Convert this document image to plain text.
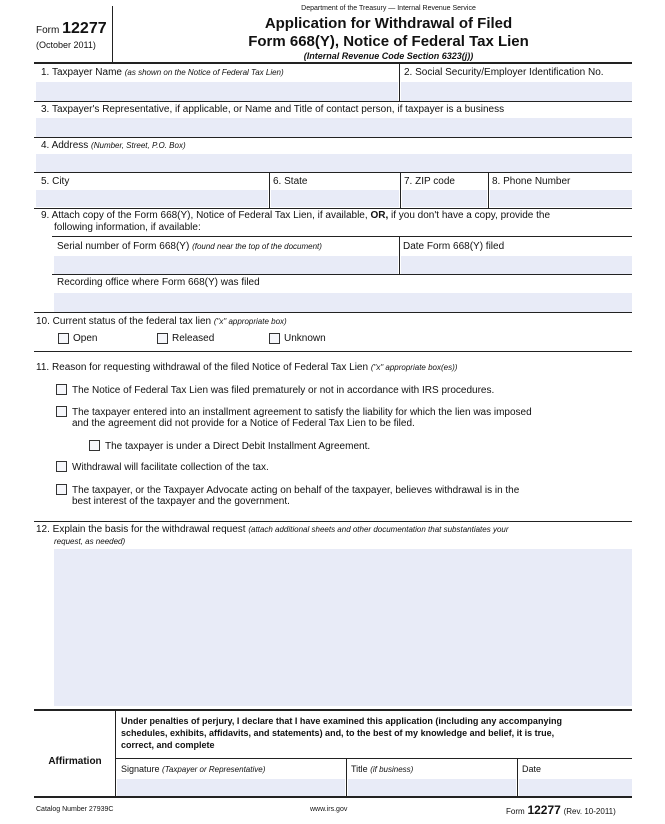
Form 12277
(October 2011)
Department of the Treasury — Internal Revenue Service
Application for Withdrawal of Filed
Form 668(Y), Notice of Federal Tax Lien
(Internal Revenue Code Section 6323(j))
1. Taxpayer Name (as shown on the Notice of Federal Tax Lien)	2. Social Security/Employer Identification No.
3. Taxpayer's Representative, if applicable, or Name and Title of contact person, if taxpayer is a business
4. Address (Number, Street, P.O. Box)
5. City	6. State	7. ZIP code	8. Phone Number
9. Attach copy of the Form 668(Y), Notice of Federal Tax Lien, if available, OR, if you don't have a copy, provide the
following information, if available:
Serial number of Form 668(Y) (found near the top of the document)	Date Form 668(Y) filed
Recording office where Form 668(Y) was filed
10. Current status of the federal tax lien ("x" appropriate box)
Open	Released	Unknown
11. Reason for requesting withdrawal of the filed Notice of Federal Tax Lien ("x" appropriate box(es))
The Notice of Federal Tax Lien was filed prematurely or not in accordance with IRS procedures.
The taxpayer entered into an installment agreement to satisfy the liability for which the lien was imposed
and the agreement did not provide for a Notice of Federal Tax Lien to be filed.
The taxpayer is under a Direct Debit Installment Agreement.
Withdrawal will facilitate collection of the tax.
The taxpayer, or the Taxpayer Advocate acting on behalf of the taxpayer, believes withdrawal is in the
best interest of the taxpayer and the government.
12. Explain the basis for the withdrawal request (attach additional sheets and other documentation that substantiates your
request, as needed)
Affirmation
Under penalties of perjury, I declare that I have examined this application (including any accompanying
schedules, exhibits, affidavits, and statements) and, to the best of my knowledge and belief, it is true,
correct, and complete
Signature (Taxpayer or Representative)	Title (if business)	Date
Catalog Number 27939C	www.irs.gov	Form 12277 (Rev. 10-2011)
